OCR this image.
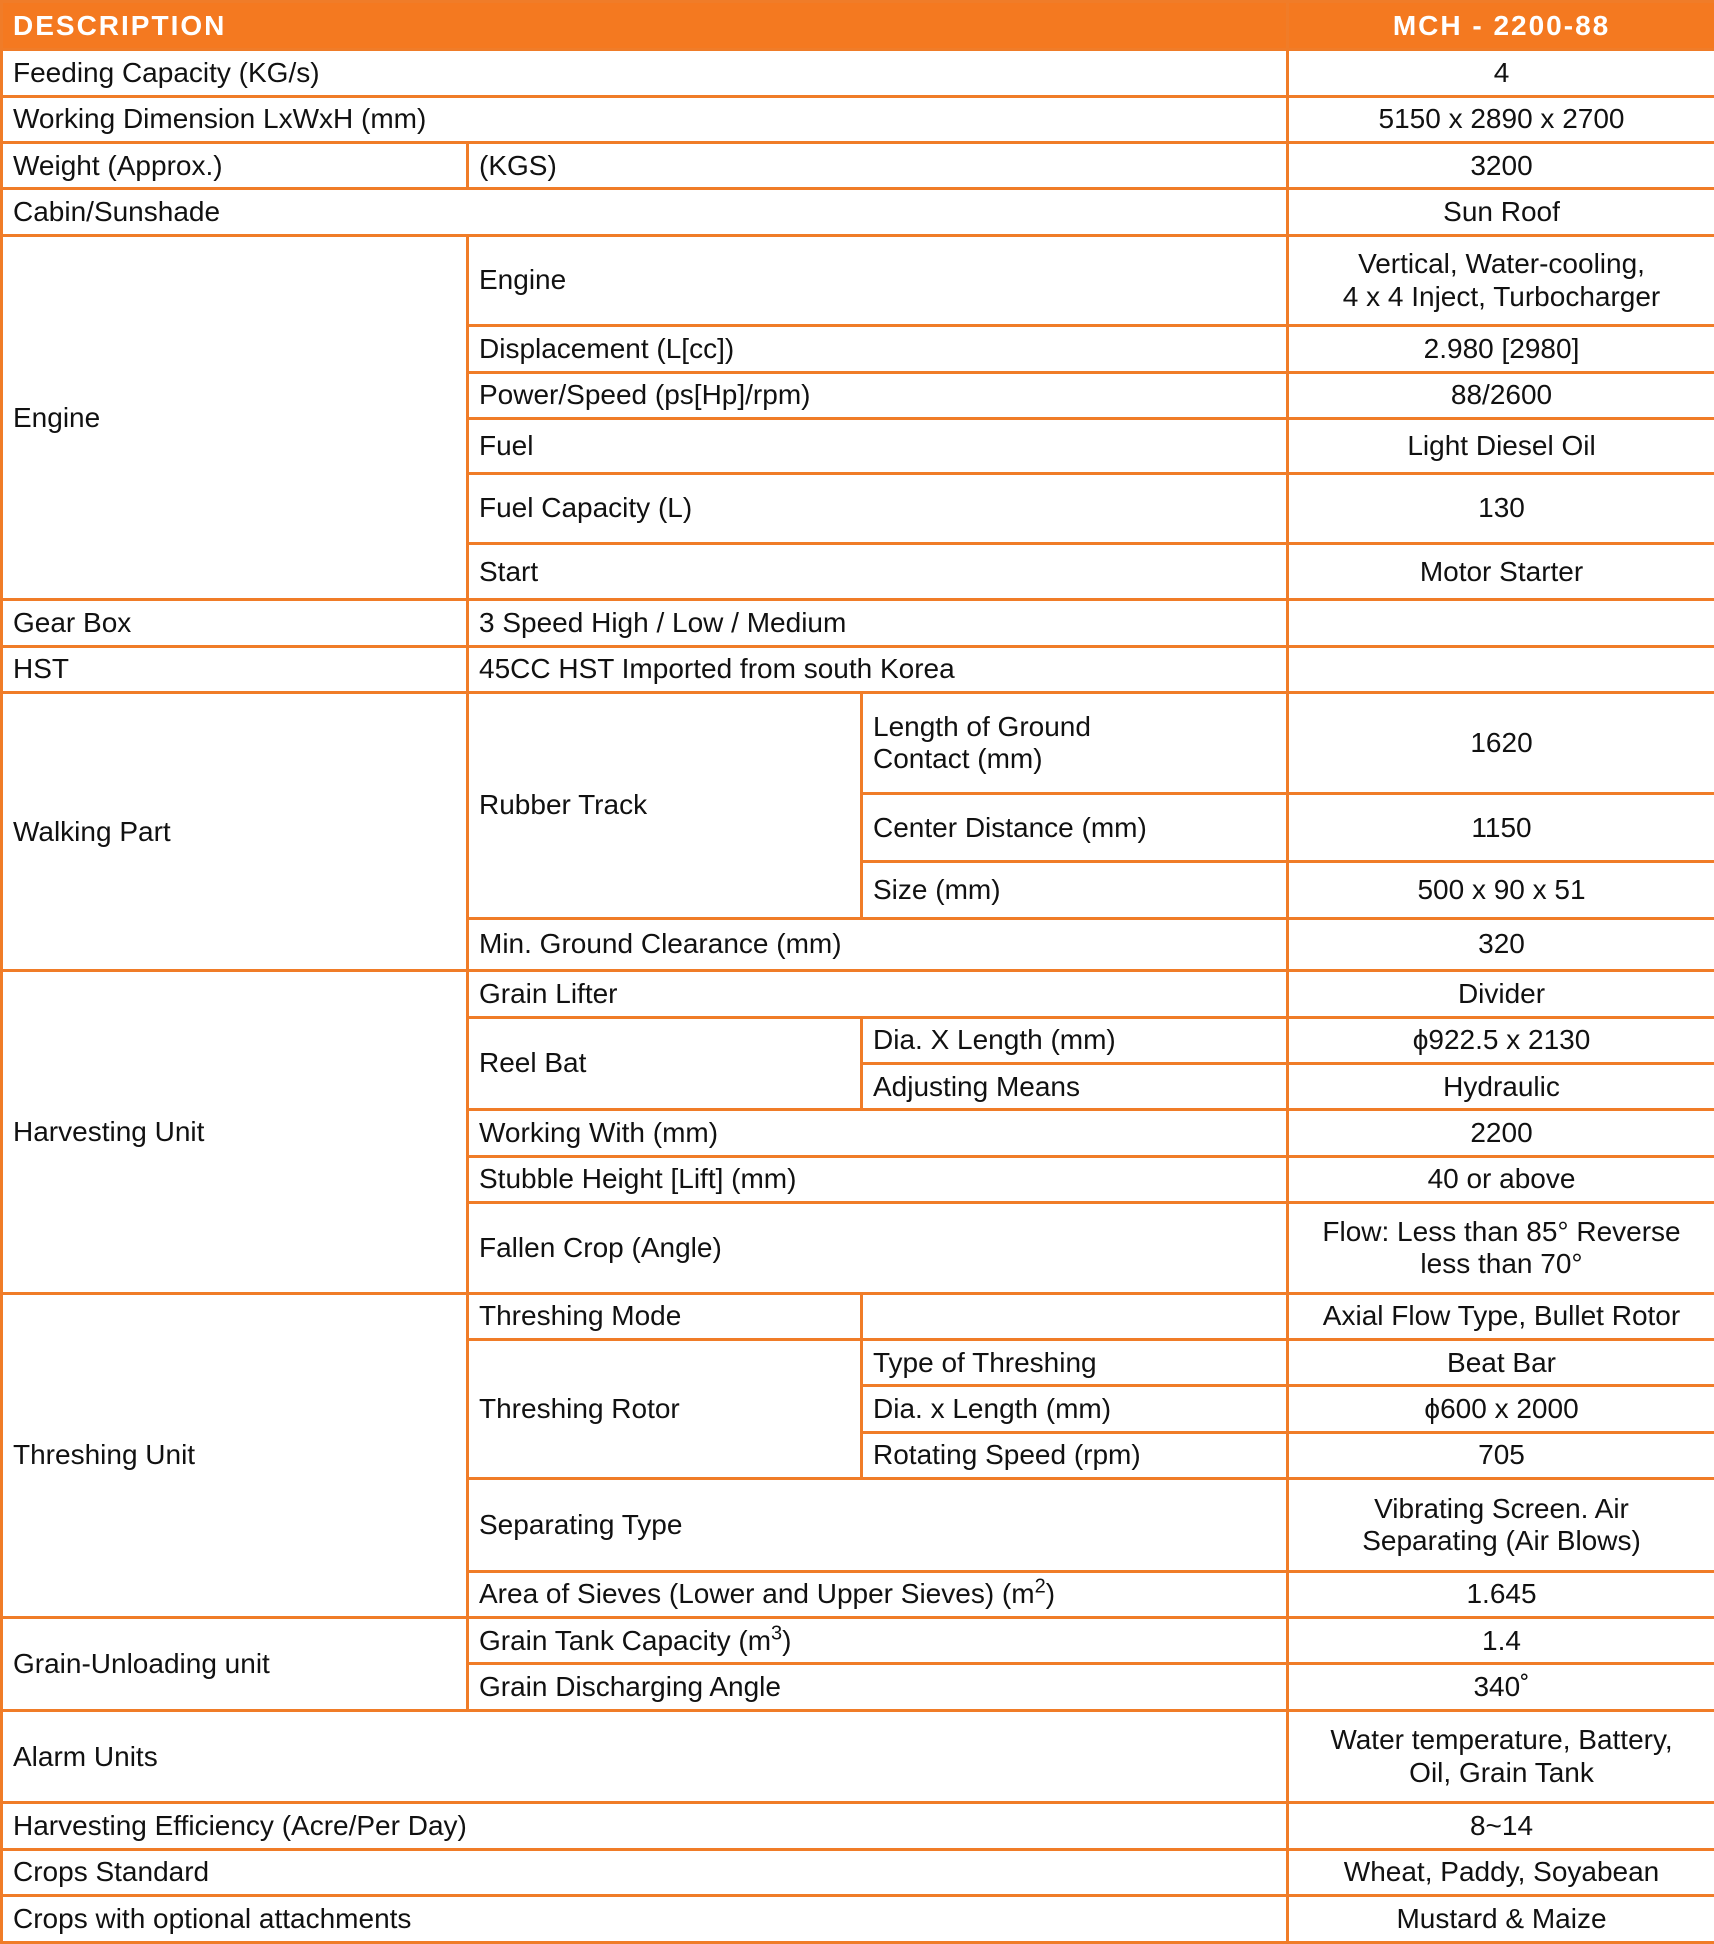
DESCRIPTION			MCH - 2200-88
Feeding Capacity (KG/s)			4
Working Dimension LxWxH (mm)			5150 x 2890 x 2700
Weight (Approx.)	(KGS)		3200
Cabin/Sunshade			Sun Roof
Engine	Engine		Vertical, Water-cooling,
4 x 4 Inject, Turbocharger

	Displacement (L[cc])		2.980 [2980]
	Power/Speed (ps[Hp]/rpm)		88/2600
	Fuel		Light Diesel Oil
	Fuel Capacity (L)		130
	Start		Motor Starter
Gear Box	3 Speed High / Low / Medium		
HST	45CC HST Imported from south Korea		
Walking Part	Rubber Track	Length of Ground
Contact (mm)	1620
		Center Distance (mm)	1150
		Size (mm)	500 x 90 x 51
	Min. Ground Clearance (mm)		320
Harvesting Unit	Grain Lifter		Divider
	Reel Bat	Dia. X Length (mm)	ϕ922.5 x 2130
		Adjusting Means	Hydraulic
	Working With (mm)		2200
	Stubble Height [Lift] (mm)		40 or above
	Fallen Crop (Angle)		Flow: Less than 85° Reverse
less than 70°

Threshing Unit	Threshing Mode		Axial Flow Type, Bullet Rotor
	Threshing Rotor	Type of Threshing	Beat Bar
		Dia. x Length (mm)	ϕ600 x 2000
		Rotating Speed (rpm)	705
	Separating Type		Vibrating Screen. Air
Separating (Air Blows)

	Area of Sieves (Lower and Upper Sieves) $(m^2)$		1.645
Grain-Unloading unit	Grain Tank Capacity $(m^3)$		1.4
	Grain Discharging Angle		340˚
Alarm Units			Water temperature, Battery,
Oil, Grain Tank

Harvesting Efficiency (Acre/Per Day)			8~14
Crops Standard			Wheat, Paddy, Soyabean
Crops with optional attachments			Mustard & Maize
